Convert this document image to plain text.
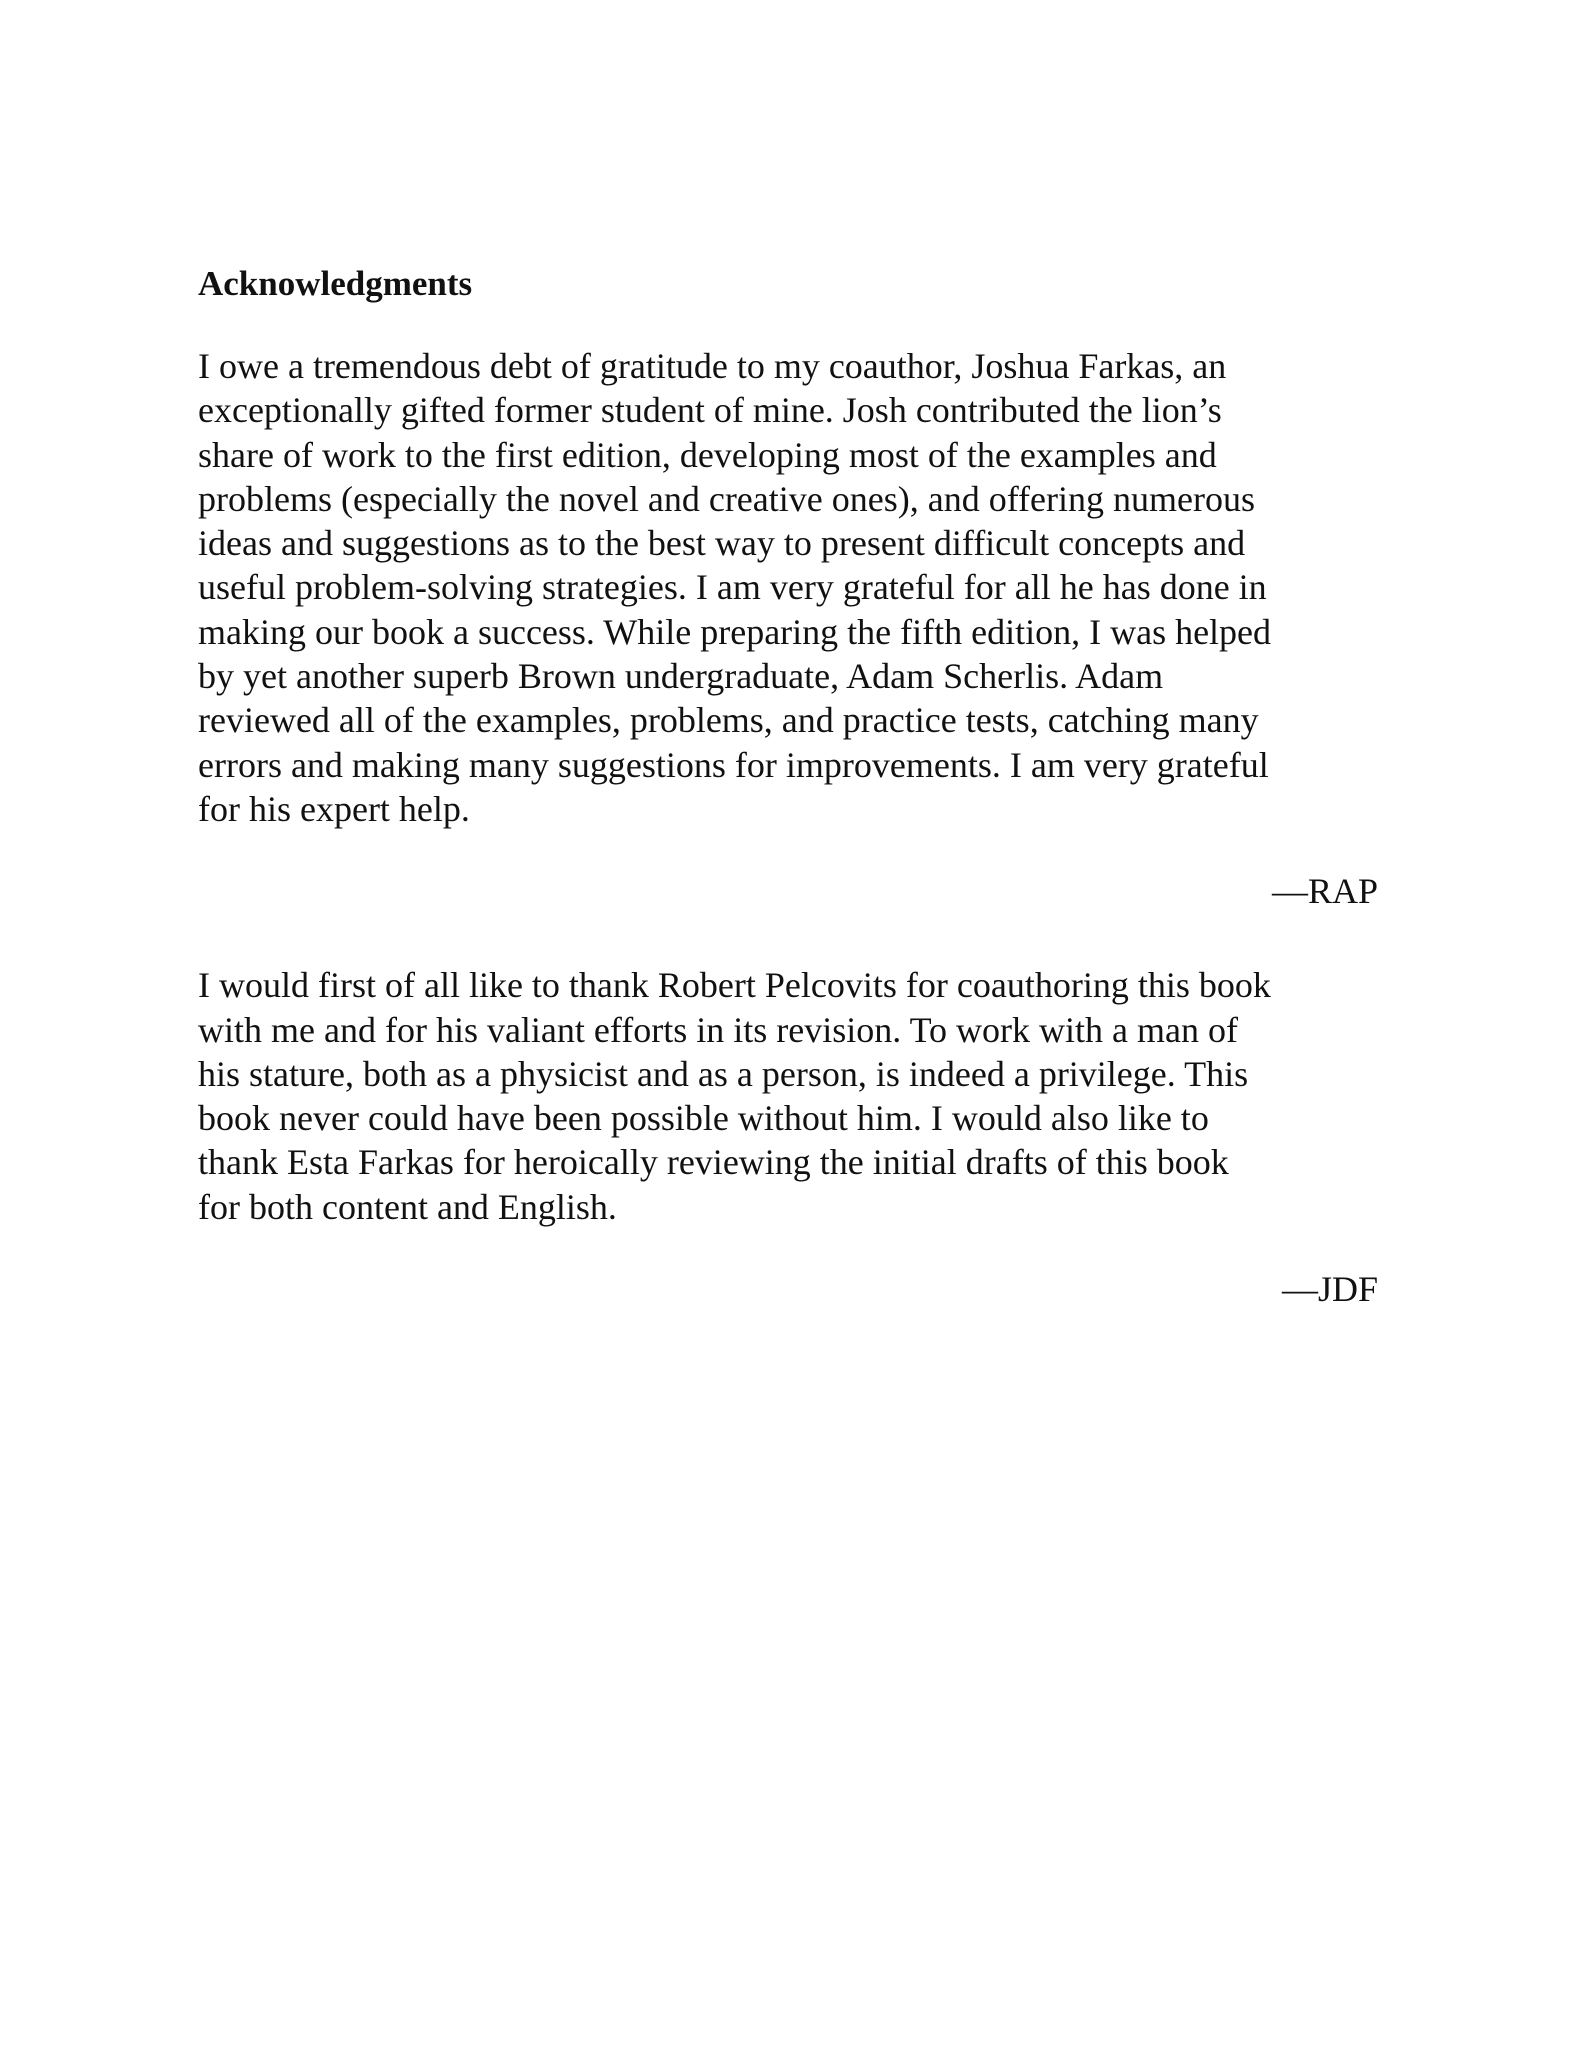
Acknowledgments

I owe a tremendous debt of gratitude to my coauthor, Joshua Farkas, an
exceptionally gifted former student of mine. Josh contributed the lion’s
share of work to the first edition, developing most of the examples and
problems (especially the novel and creative ones), and offering numerous
ideas and suggestions as to the best way to present difficult concepts and
useful problem-solving strategies. I am very grateful for all he has done in
making our book a success. While preparing the fifth edition, I was helped
by yet another superb Brown undergraduate, Adam Scherlis. Adam
reviewed all of the examples, problems, and practice tests, catching many
errors and making many suggestions for improvements. I am very grateful
for his expert help.

—RAP

I would first of all like to thank Robert Pelcovits for coauthoring this book
with me and for his valiant efforts in its revision. To work with a man of
his stature, both as a physicist and as a person, is indeed a privilege. This
book never could have been possible without him. I would also like to
thank Esta Farkas for heroically reviewing the initial drafts of this book
for both content and English.

—JDF
